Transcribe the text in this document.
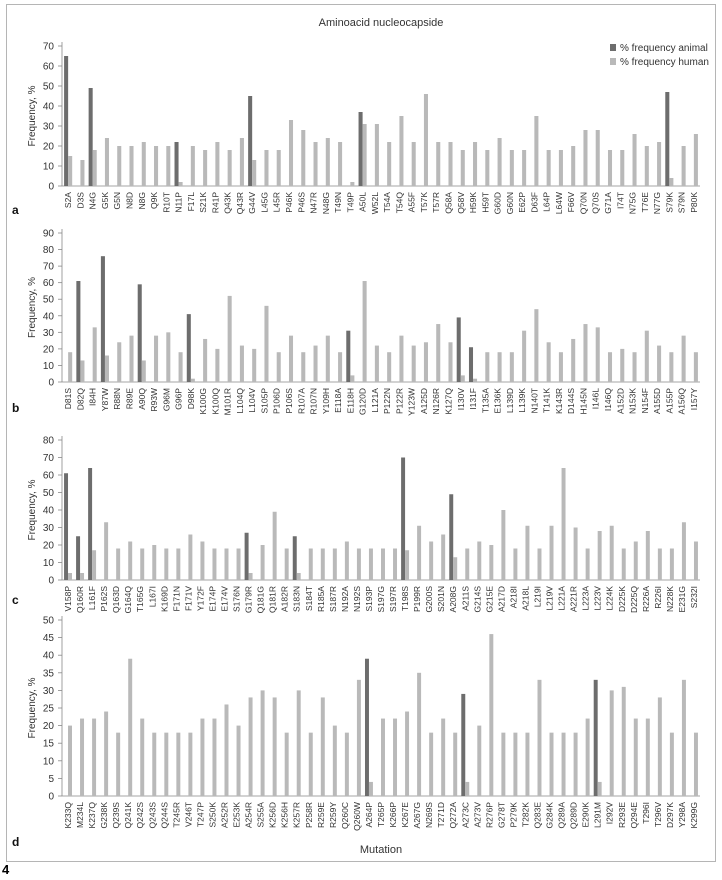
4
Aminoacid nucleocapside
0
10
20
30
40
50
60
70
Frequency, %
S2A D3S N4G G5K G5N N8D N8G Q9K R10T N11P F17L S21K R41P Q43K Q43R G44V L45G L45R P46K P46S N47R N48G T49N T49P A50L W52L T54A T54Q A55F T57K T57R Q58A Q58V H59K H59T G60D G60N E62P D63F L64P L64W F66V Q70N Q70S G71A I74T N75G T76E N77G S79K S79N P80K
a
0
10
20
30
40
50
60
70
80
90
Frequency, %
D81S D82Q I84H Y87W R88N R89E A90Q R93W G96M G96P D98K K100G K100Q M101R L104Q L104V S105P P106D P106S R107A R107N Y109H E118A E118H G120D L121A P122N P122R Y123W A125D N126R K127Q I130V I131F T135A E136K L139D L139K N140T T141K K143R D144S H145N I146L I146Q A152D N153K N154F A155D A155P A156Q I157Y
b
0
10
20
30
40
50
60
70
80
Frequency, %
V158P Q160R L161F P162S Q163D G164Q T165G L167I K169D F171N F171V Y172F E174P E174V S176N G179R Q181G Q181R A182R S183N S184T R185A S187R N192A N192S S193P S197G S197R T198S P199R G200S S201N A208G A211S G214S G215E A217D A218I A218L L219I L219V L221A A221R L223A L223V L224K D225K D225Q R226A R226I N228K E231G S232I
c
0
5
10
15
20
25
30
35
40
45
50
Frequency, %
K233Q M234L K237Q G238K Q239S Q241K Q242S Q243S Q244S T245R V246T T247P S250K A252R E253K A254R S255A K256D K256H K257R P258R R259E R259Y Q260C Q260W A264P T265P K266P K267E A267G N269S T271D Q272A A273C A273V R276P G278T P279K T282K Q283E G284K Q289A Q289D E290K L291M I292V R293E Q294E T296I T296V D297K Y298A K299G
d
Mutation
% frequency animal
% frequency human
